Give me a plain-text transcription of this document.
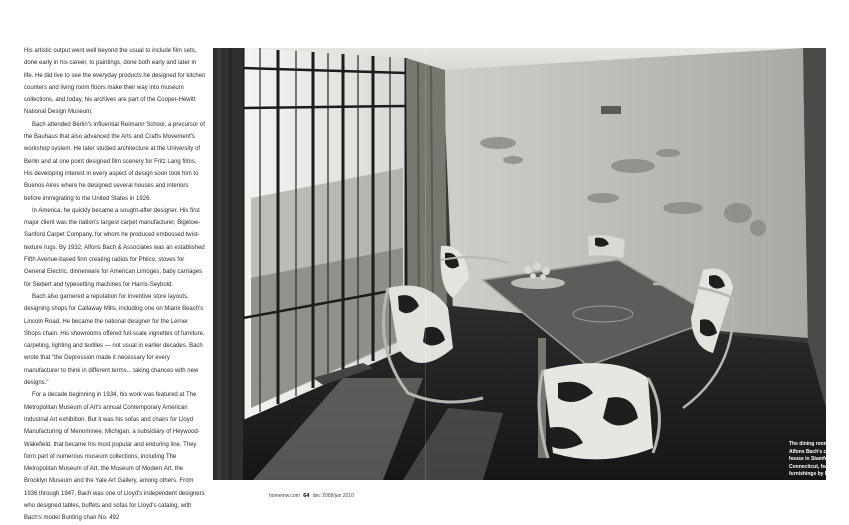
His artistic output went well beyond the usual to include film sets, done early in his career, to paintings, done both early and later in life. He did live to see the everyday products he designed for kitchen counters and living room floors make their way into museum collections, and today, his archives are part of the Cooper-Hewitt National Design Museum.

Bach attended Berlin's influential Reimann School, a precursor of the Bauhaus that also advanced the Arts and Crafts Movement's workshop system. He later studied architecture at the University of Berlin and at one point designed film scenery for Fritz Lang films. His developing interest in every aspect of design soon took him to Buenos Aires where he designed several houses and interiors before immigrating to the United States in 1926.

In America, he quickly became a sought-after designer. His first major client was the nation's largest carpet manufacturer, Bigelow-Sanford Carpet Company, for whom he produced embossed twist-texture rugs. By 1932, Alfons Bach & Associates was an established Fifth Avenue-based firm creating radios for Philco, stoves for General Electric, dinnerware for American Limoges, baby carriages for Siebert and typesetting machines for Harris-Seybold.

Bach also garnered a reputation for inventive store layouts, designing shops for Callaway Mills, including one on Miami Beach's Lincoln Road. He became the national designer for the Lerner Shops chain. His showrooms offered full-scale vignettes of furniture, carpeting, lighting and textiles — not usual in earlier decades. Bach wrote that "the Depression made it necessary for every manufacturer to think in different terms... taking chances with new designs."

For a decade beginning in 1934, his work was featured at The Metropolitan Museum of Art's annual Contemporary American Industrial Art exhibition. But it was his sofas and chairs for Lloyd Manufacturing of Menominee, Michigan, a subsidiary of Heywood-Wakefield, that became his most popular and enduring line. They form part of numerous museum collections, including The Metropolitan Museum of Art, the Museum of Modern Art, the Brooklyn Museum and the Yale Art Gallery, among others. From 1936 through 1947, Bach was one of Lloyd's independent designers who designed tables, buffets and sofas for Lloyd's catalog, with Bach's model Bunting chair No. 492

The dining room in Alfons Bach's country house in Stamford, Connecticut, featured furnishings by Bach.
homemw.com 64 dec 2009/jan 2010
